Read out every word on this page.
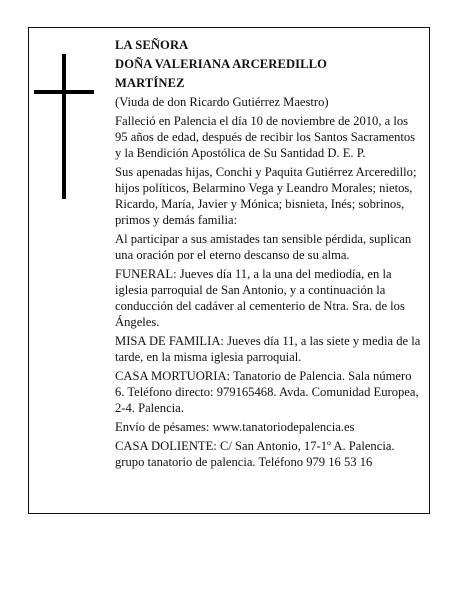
LA SEÑORA

DOÑA VALERIANA ARCEREDILLO

MARTÍNEZ

(Viuda de don Ricardo Gutiérrez Maestro)

Falleció en Palencia el día 10 de noviembre de 2010, a los 95 años de edad, después de recibir los Santos Sacramentos y la Bendición Apostólica de Su Santidad D. E. P.

Sus apenadas hijas, Conchi y Paquita Gutiérrez Arceredillo; hijos políticos, Belarmino Vega y Leandro Morales; nietos, Ricardo, María, Javier y Mónica; bisnieta, Inés; sobrinos, primos y demás familia:

Al participar a sus amistades tan sensible pérdida, suplican una oración por el eterno descanso de su alma.

FUNERAL: Jueves día 11, a la una del mediodía, en la iglesia parroquial de San Antonio, y a continuación la conducción del cadáver al cementerio de Ntra. Sra. de los Ángeles.

MISA DE FAMILIA: Jueves día 11, a las siete y media de la tarde, en la misma iglesia parroquial.

CASA MORTUORIA: Tanatorio de Palencia. Sala número 6. Teléfono directo: 979165468. Avda. Comunidad Europea, 2-4. Palencia.

Envío de pésames: www.tanatoriodepalencia.es

CASA DOLIENTE: C/ San Antonio, 17-1º A. Palencia. grupo tanatorio de palencia. Teléfono 979 16 53 16
